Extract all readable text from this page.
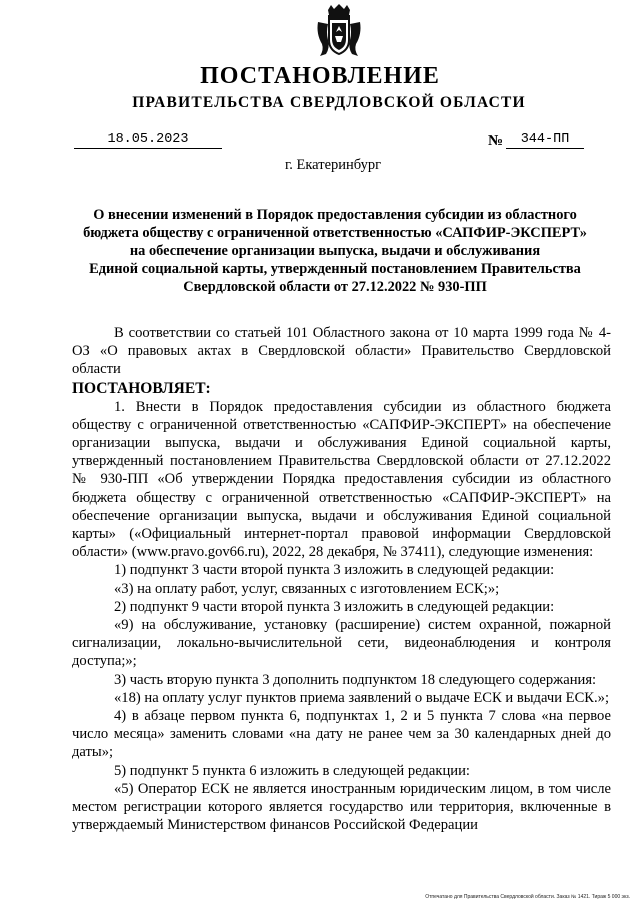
ПОСТАНОВЛЕНИЕ
ПРАВИТЕЛЬСТВА СВЕРДЛОВСКОЙ ОБЛАСТИ
18.05.2023	№	344-ПП
г. Екатеринбург
О внесении изменений в Порядок предоставления субсидии из областного
бюджета обществу с ограниченной ответственностью «САПФИР-ЭКСПЕРТ»
на обеспечение организации выпуска, выдачи и обслуживания
Единой социальной карты, утвержденный постановлением Правительства
Свердловской области от 27.12.2022 № 930-ПП

В соответствии со статьей 101 Областного закона от 10 марта 1999 года № 4-ОЗ «О правовых актах в Свердловской области» Правительство Свердловской области

ПОСТАНОВЛЯЕТ:

1. Внести в Порядок предоставления субсидии из областного бюджета обществу с ограниченной ответственностью «САПФИР-ЭКСПЕРТ» на обеспечение организации выпуска, выдачи и обслуживания Единой социальной карты, утвержденный постановлением Правительства Свердловской области от 27.12.2022 № 930-ПП «Об утверждении Порядка предоставления субсидии из областного бюджета обществу с ограниченной ответственностью «САПФИР-ЭКСПЕРТ» на обеспечение организации выпуска, выдачи и обслуживания Единой социальной карты» («Официальный интернет-портал правовой информации Свердловской области» (www.pravo.gov66.ru), 2022, 28 декабря, № 37411), следующие изменения:

1) подпункт 3 части второй пункта 3 изложить в следующей редакции:

«3) на оплату работ, услуг, связанных с изготовлением ЕСК;»;

2) подпункт 9 части второй пункта 3 изложить в следующей редакции:

«9) на обслуживание, установку (расширение) систем охранной, пожарной сигнализации, локально-вычислительной сети, видеонаблюдения и контроля доступа;»;

3) часть вторую пункта 3 дополнить подпунктом 18 следующего содержания:

«18) на оплату услуг пунктов приема заявлений о выдаче ЕСК и выдачи ЕСК.»;

4) в абзаце первом пункта 6, подпунктах 1, 2 и 5 пункта 7 слова «на первое число месяца» заменить словами «на дату не ранее чем за 30 календарных дней до даты»;

5) подпункт 5 пункта 6 изложить в следующей редакции:

«5) Оператор ЕСК не является иностранным юридическим лицом, в том числе местом регистрации которого является государство или территория, включенные в утверждаемый Министерством финансов Российской Федерации

Отпечатано для Правительства Свердловской области. Заказ № 1421. Тираж 5 000 экз.
